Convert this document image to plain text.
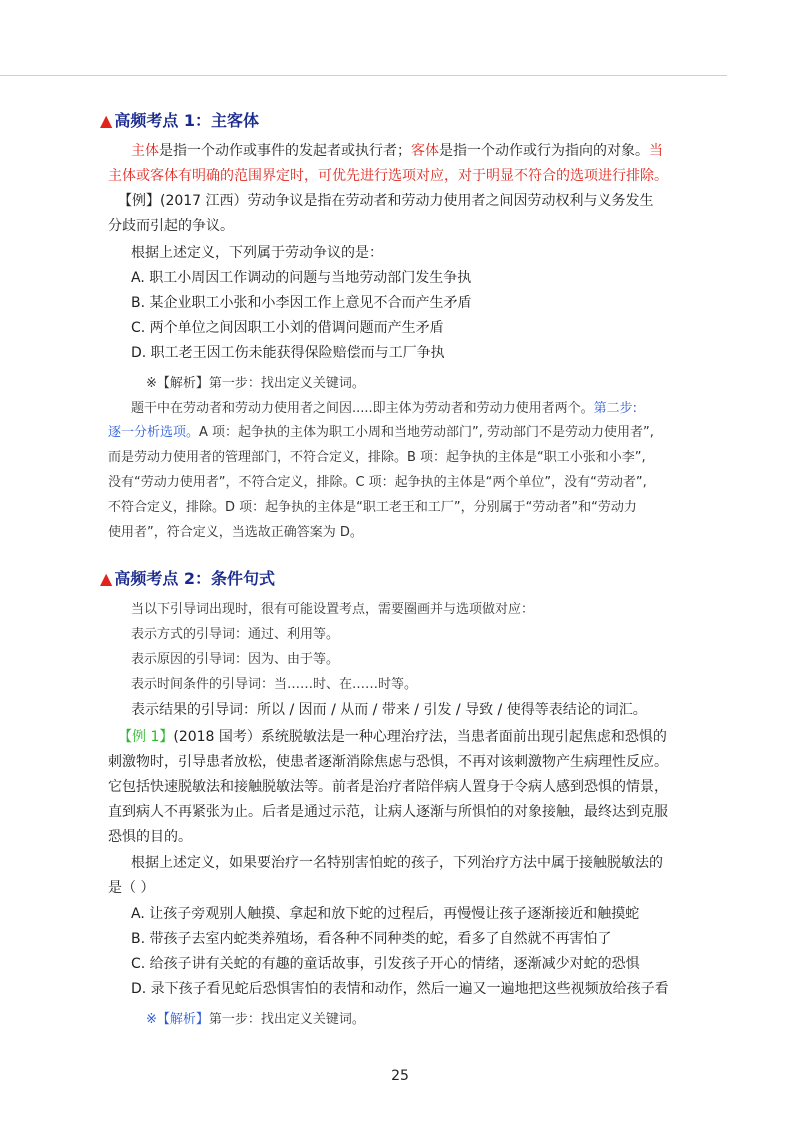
▲ 高频考点 1：主客体
主体是指一个动作或事件的发起者或执行者；客体是指一个动作或行为指向的对象。当
主体或客体有明确的范围界定时，可优先进行选项对应，对于明显不符合的选项进行排除。
【例】(2017 江西）劳动争议是指在劳动者和劳动力使用者之间因劳动权利与义务发生
分歧而引起的争议。
根据上述定义，下列属于劳动争议的是：
A. 职工小周因工作调动的问题与当地劳动部门发生争执
B. 某企业职工小张和小李因工作上意见不合而产生矛盾
C. 两个单位之间因职工小刘的借调问题而产生矛盾
D. 职工老王因工伤未能获得保险赔偿而与工厂争执
※【解析】第一步：找出定义关键词。
题干中在劳动者和劳动力使用者之间因.....即主体为劳动者和劳动力使用者两个。第二步:
逐一分析选项。A 项：起争执的主体为职工小周和当地劳动部门”, 劳动部门不是劳动力使用者”,
而是劳动力使用者的管理部门，不符合定义，排除。B 项：起争执的主体是“职工小张和小李”,
没有“劳动力使用者”，不符合定义，排除。C 项：起争执的主体是“两个单位”，没有“劳动者”,
不符合定义，排除。D 项：起争执的主体是“职工老王和工厂”，分别属于“劳动者”和“劳动力
使用者”，符合定义，当选故正确答案为 D。
▲ 高频考点 2：条件句式
当以下引导词出现时，很有可能设置考点，需要圈画并与选项做对应：
表示方式的引导词：通过、利用等。
表示原因的引导词：因为、由于等。
表示时间条件的引导词：当……时、在……时等。
表示结果的引导词：所以 / 因而 / 从而 / 带来 / 引发 / 导致 / 使得等表结论的词汇。
【例 1】(2018 国考）系统脱敏法是一种心理治疗法，当患者面前出现引起焦虑和恐惧的
刺激物时，引导患者放松，使患者逐渐消除焦虑与恐惧，不再对该刺激物产生病理性反应。
它包括快速脱敏法和接触脱敏法等。前者是治疗者陪伴病人置身于令病人感到恐惧的情景，
直到病人不再紧张为止。后者是通过示范，让病人逐渐与所惧怕的对象接触，最终达到克服
恐惧的目的。
根据上述定义，如果要治疗一名特别害怕蛇的孩子，下列治疗方法中属于接触脱敏法的
是（ ）
A. 让孩子旁观别人触摸、拿起和放下蛇的过程后，再慢慢让孩子逐渐接近和触摸蛇
B. 带孩子去室内蛇类养殖场，看各种不同种类的蛇，看多了自然就不再害怕了
C. 给孩子讲有关蛇的有趣的童话故事，引发孩子开心的情绪，逐渐减少对蛇的恐惧
D. 录下孩子看见蛇后恐惧害怕的表情和动作，然后一遍又一遍地把这些视频放给孩子看
※【解析】第一步：找出定义关键词。
25
